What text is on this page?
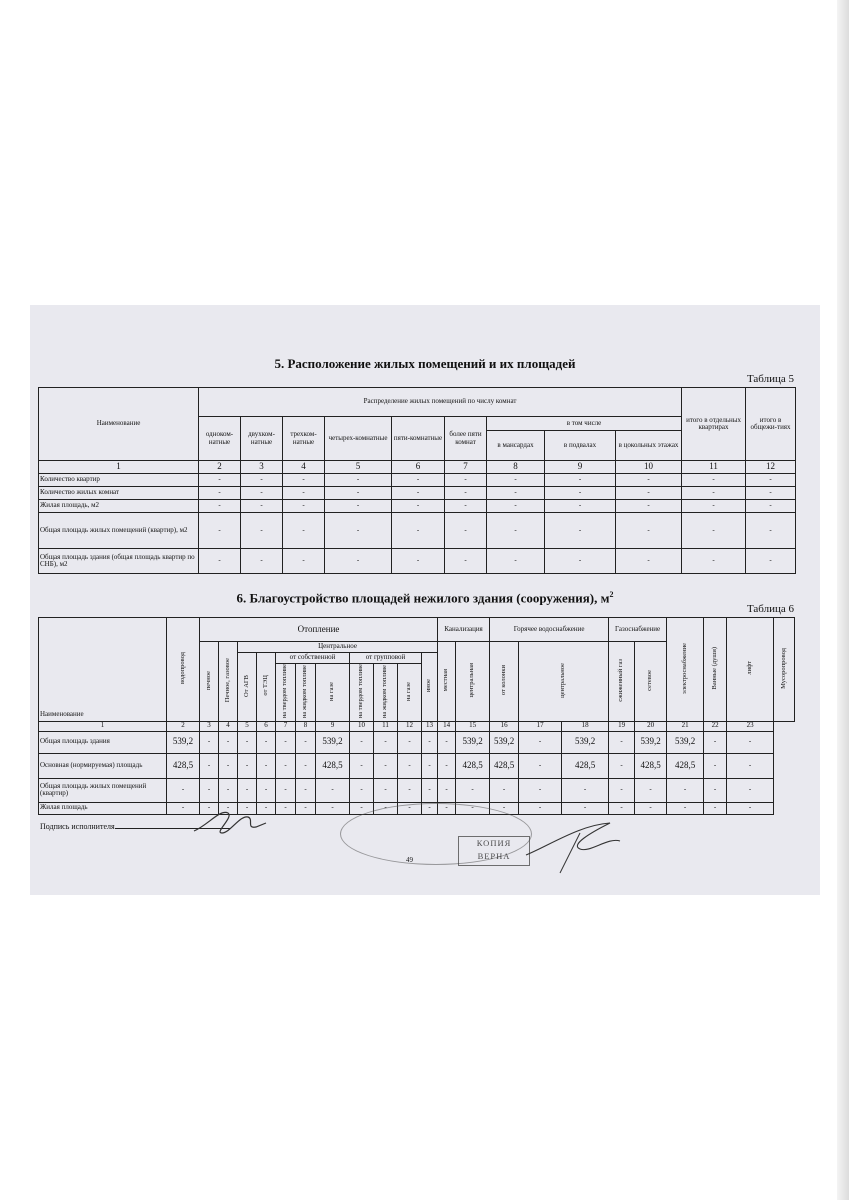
5. Расположение жилых помещений и их площадей
Таблица 5
Наименование	Распределение жилых помещений по числу комнат									итого в отдельных квартирах	итого в общежи-тиях
	одноком-натные	двухком-натные	трехком-натные	четырех-комнатные	пяти-комнатные	более пяти комнат	в том числе				
							в мансардах	в подвалах	в цокольных этажах		
1	2	3	4	5	6	7	8	9	10	11	12
Количество квартир	-	-	-	-	-	-	-	-	-	-	-
Количество жилых комнат	-	-	-	-	-	-	-	-	-	-	-
Жилая площадь, м2	-	-	-	-	-	-	-	-	-	-	-
Общая площадь жилых помещений (квартир), м2	-	-	-	-	-	-	-	-	-	-	-
Общая площадь здания (общая площадь квартир по СНБ), м2	-	-	-	-	-	-	-	-	-	-	-
6. Благоустройство площадей нежилого здания (сооружения), $м^2$
Таблица 6
Наименование	водопровод	Отопление											Канализация		Горячее водоснабжение			Газоснабжение		электроснабжение	Ванные (души)	лифт	Мусоропровод
		печное	Печное, газовое	Центральное									местная	центральная	от колонки	центральное		сжиженный газ	сетевое				
				От АГВ	от ТЭЦ	от собственной			от групповой			иное											
						на твердом топливе	на жидком топливе	на газе	на твердом топливе	на жидком топливе	на газе												
1	2	3	4	5	6	7	8	9	10	11	12	13	14	15	16	17	18	19	20	21	22	23	
Общая площадь здания	539,2	-	-	-	-	-	-	539,2	-	-	-	-	-	539,2	539,2	-	539,2	-	539,2	539,2	-	-	
Основная (нормируемая) площадь	428,5	-	-	-	-	-	-	428,5	-	-	-	-	-	428,5	428,5	-	428,5	-	428,5	428,5	-	-	
Общая площадь жилых помещений (квартир)	-	-	-	-	-	-	-	-	-	-	-	-	-	-	-	-	-	-	-	-	-	-	
Жилая площадь	-	-	-	-	-	-	-	-	-	-	-	-	-	-	-	-	-	-	-	-	-	-	
Подпись исполнителя
КОПИЯ ВЕРНА
49
